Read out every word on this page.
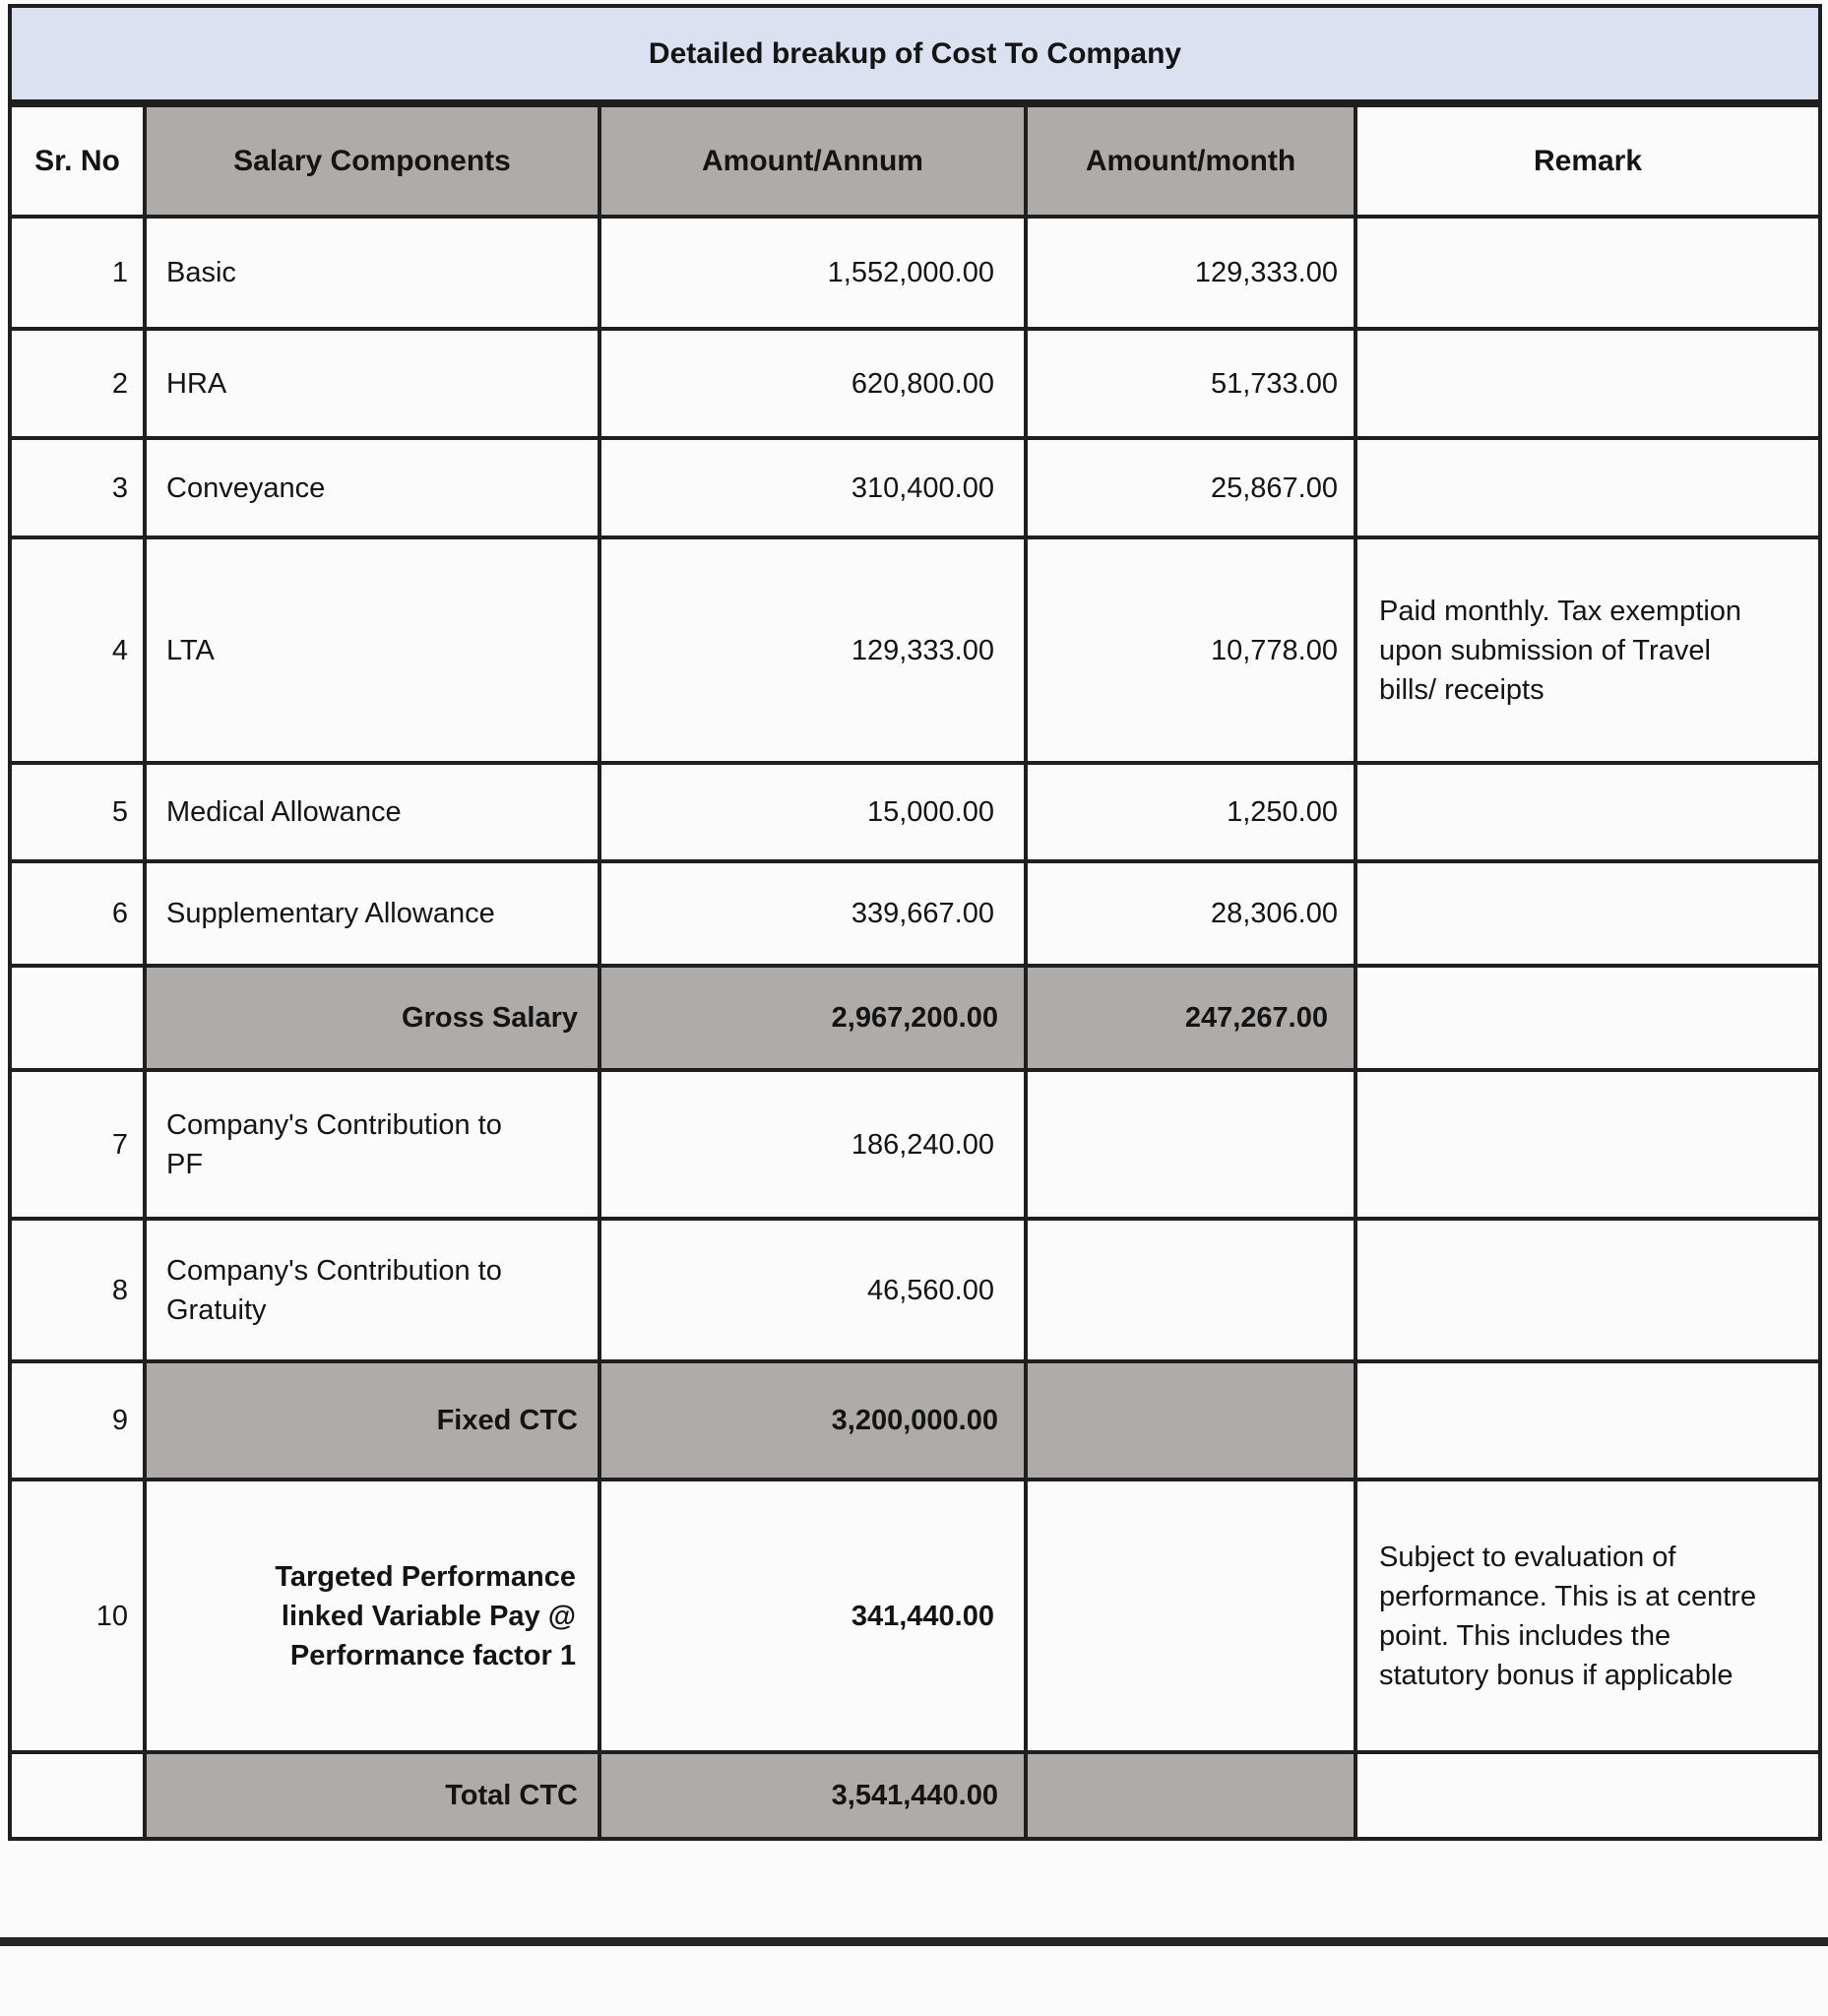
Detailed breakup of Cost To Company				
Sr. No	Salary Components	Amount/Annum	Amount/month	Remark
1	Basic	1,552,000.00	129,333.00	
2	HRA	620,800.00	51,733.00	
3	Conveyance	310,400.00	25,867.00	
4	LTA	129,333.00	10,778.00	Paid monthly. Tax exemption upon submission of Travel bills/ receipts
5	Medical Allowance	15,000.00	1,250.00	
6	Supplementary Allowance	339,667.00	28,306.00	
	Gross Salary	2,967,200.00	247,267.00	
7	Company's Contribution to PF	186,240.00		
8	Company's Contribution to Gratuity	46,560.00		
9	Fixed CTC	3,200,000.00		
10	Targeted Performance linked Variable Pay @ Performance factor 1	341,440.00		Subject to evaluation of performance. This is at centre point. This includes the statutory bonus if applicable
	Total CTC	3,541,440.00		
